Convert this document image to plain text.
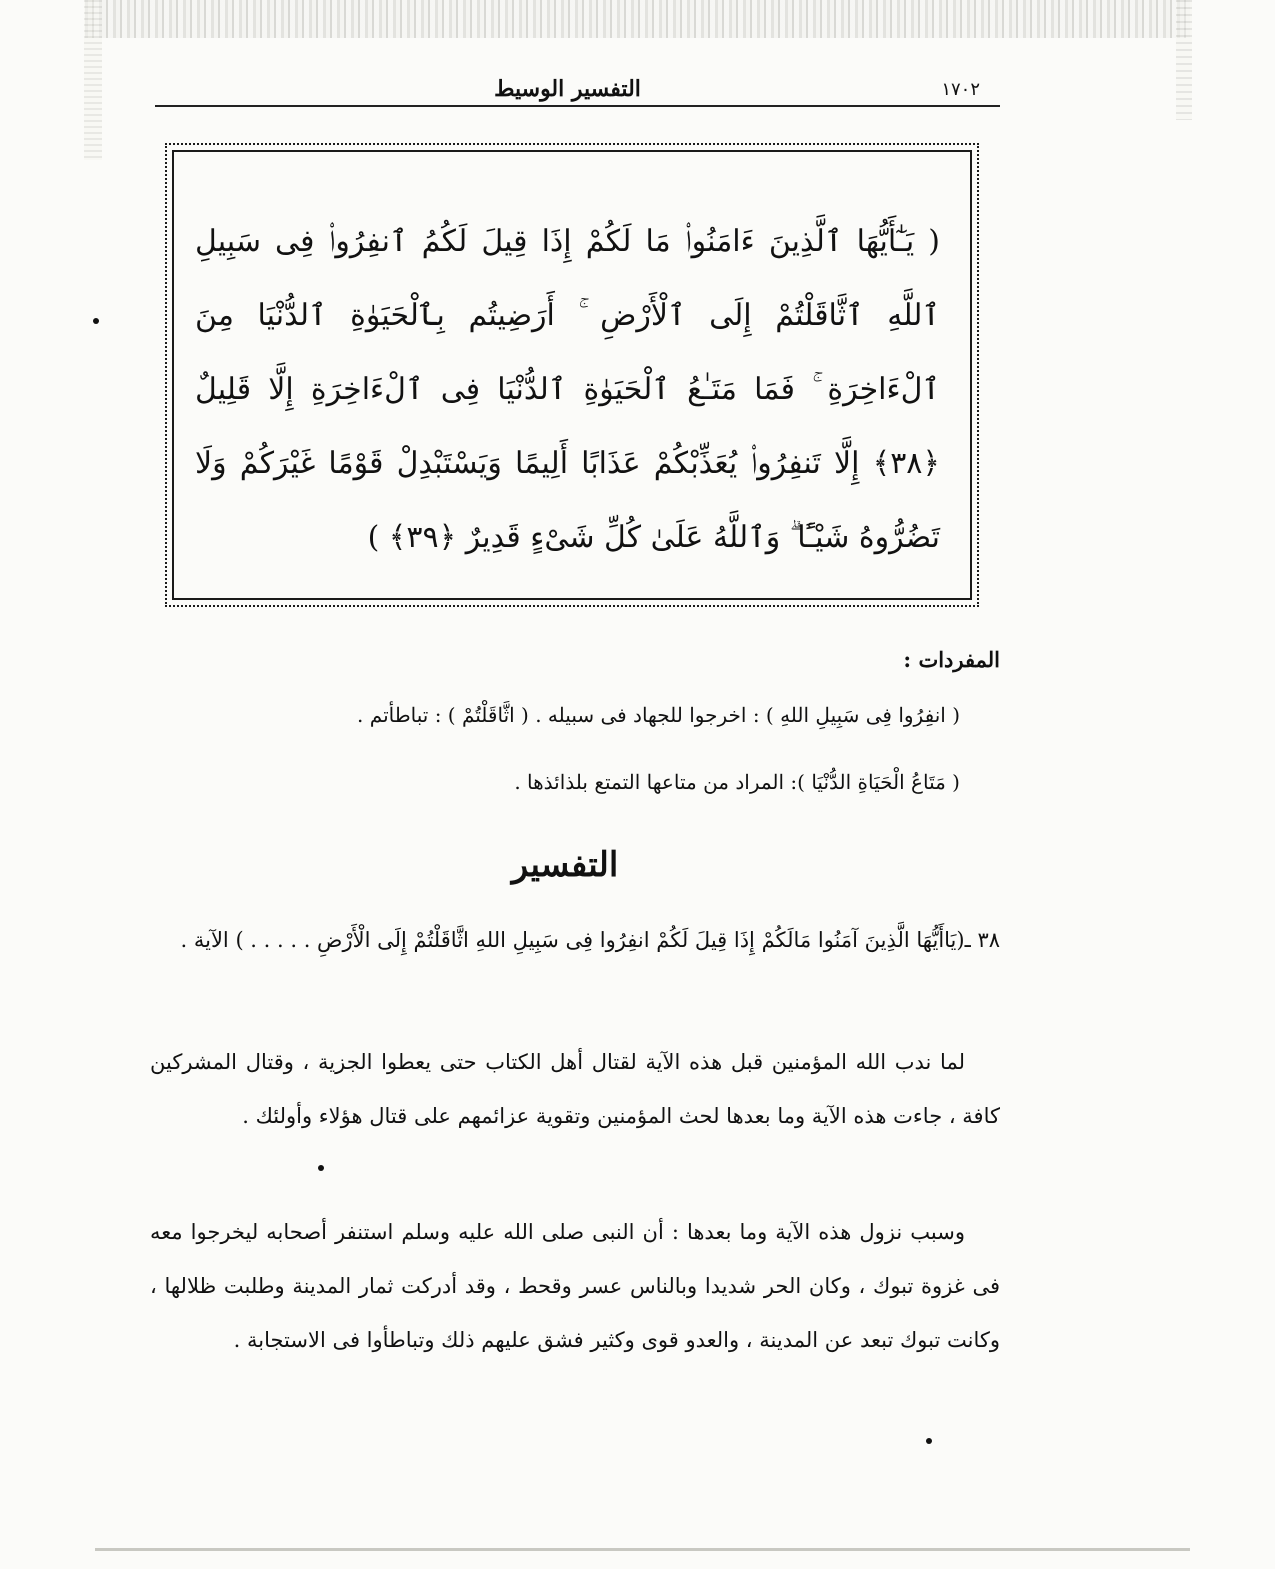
التفسير الوسيط	١٧٠٢
( يَـٰٓأَيُّهَا ٱلَّذِينَ ءَامَنُوا۟ مَا لَكُمْ إِذَا قِيلَ لَكُمُ ٱنفِرُوا۟ فِى سَبِيلِ ٱللَّهِ ٱثَّاقَلْتُمْ إِلَى ٱلْأَرْضِ ۚ أَرَضِيتُم بِٱلْحَيَوٰةِ ٱلدُّنْيَا مِنَ ٱلْءَاخِرَةِ ۚ فَمَا مَتَـٰعُ ٱلْحَيَوٰةِ ٱلدُّنْيَا فِى ٱلْءَاخِرَةِ إِلَّا قَلِيلٌ ﴿٣٨﴾ إِلَّا تَنفِرُوا۟ يُعَذِّبْكُمْ عَذَابًا أَلِيمًا وَيَسْتَبْدِلْ قَوْمًا غَيْرَكُمْ وَلَا تَضُرُّوهُ شَيْـًٔا ۗ وَٱللَّهُ عَلَىٰ كُلِّ شَىْءٍ قَدِيرٌ ﴿٣٩﴾ )
المفردات :
( انفِرُوا فِى سَبِيلِ اللهِ ) : اخرجوا للجهاد فى سبيله . ( اثَّاقَلْتُمْ ) : تباطأتم .
( مَتَاعُ الْحَيَاةِ الدُّنْيَا ): المراد من متاعها التمتع بلذائذها .
التفسير
٣٨ ـ(يَاأَيُّهَا الَّذِينَ آمَنُوا مَالَكُمْ إِذَا قِيلَ لَكُمْ انفِرُوا فِى سَبِيلِ اللهِ اثَّاقَلْتُمْ إِلَى الْأَرْضِ . . . . . ) الآية .
لما ندب الله المؤمنين قبل هذه الآية لقتال أهل الكتاب حتى يعطوا الجزية ، وقتال المشركين كافة ، جاءت هذه الآية وما بعدها لحث المؤمنين وتقوية عزائمهم على قتال هؤلاء وأولئك .
وسبب نزول هذه الآية وما بعدها : أن النبى صلى الله عليه وسلم استنفر أصحابه ليخرجوا معه فى غزوة تبوك ، وكان الحر شديدا وبالناس عسر وقحط ، وقد أدركت ثمار المدينة وطلبت ظلالها ، وكانت تبوك تبعد عن المدينة ، والعدو قوى وكثير فشق عليهم ذلك وتباطأوا فى الاستجابة .
